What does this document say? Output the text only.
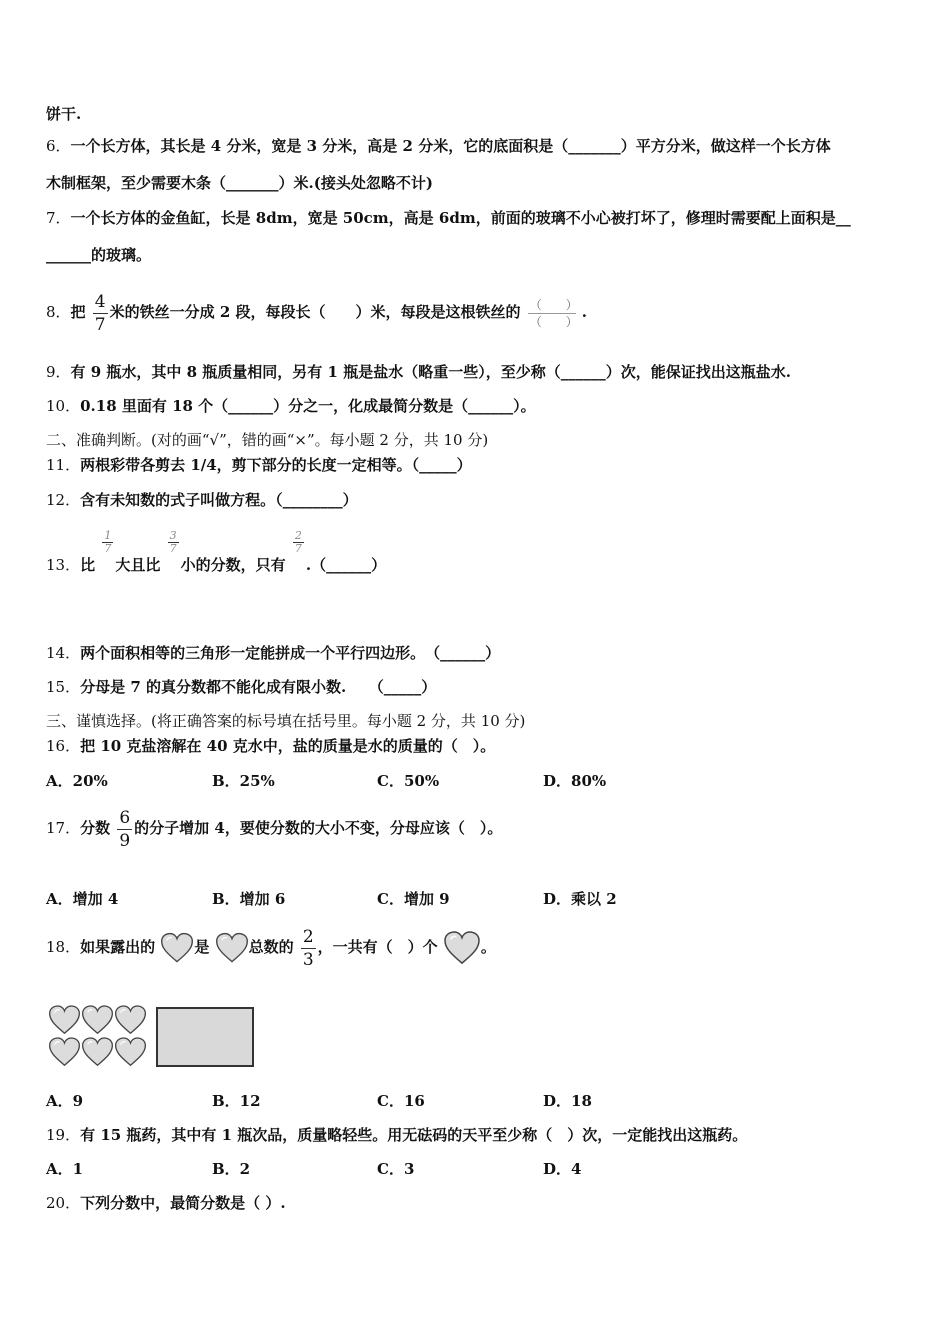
饼干.
6．一个长方体，其长是 4 分米，宽是 3 分米，高是 2 分米，它的底面积是（_______）平方分米，做这样一个长方体
木制框架，至少需要木条（_______）米.(接头处忽略不计)
7．一个长方体的金鱼缸，长是 8dm，宽是 50cm，高是 6dm，前面的玻璃不小心被打坏了，修理时需要配上面积是__
______的玻璃。
8．把 $\frac{4}{7}$ 米的铁丝一分成 2 段，每段长（　　）米，每段是这根铁丝的 $\frac{( )}{( )}$ .
9．有 9 瓶水，其中 8 瓶质量相同，另有 1 瓶是盐水（略重一些），至少称（______）次，能保证找出这瓶盐水.
10．0.18 里面有 18 个（______）分之一，化成最简分数是（______）。
二、准确判断。(对的画“√”，错的画“×”。每小题 2 分，共 10 分)
11．两根彩带各剪去 1/4，剪下部分的长度一定相等。（_____）
12．含有未知数的式子叫做方程。（________）
13．比
$\frac{1}{7}$
大且比
$\frac{3}{7}$
小的分数，只有
$\frac{2}{7}$
.（______）
14．两个面积相等的三角形一定能拼成一个平行四边形。　（______）
15．分母是 7 的真分数都不能化成有限小数.　　（_____）
三、谨慎选择。(将正确答案的标号填在括号里。每小题 2 分，共 10 分)
16．把 10 克盐溶解在 40 克水中，盐的质量是水的质量的（　）。
A．20%	B．25%	C．50%	D．80%
17．分数 $\frac{6}{9}$ 的分子增加 4，要使分数的大小不变，分母应该（　）。
A．增加 4	B．增加 6	C．增加 9	D．乘以 2
18．如果露出的	是	总数的 $\frac{2}{3}$ ，一共有（　）个	。
A．9	B．12	C．16	D．18
19．有 15 瓶药，其中有 1 瓶次品，质量略轻些。用无砝码的天平至少称（　）次，一定能找出这瓶药。
A．1	B．2	C．3	D．4
20．下列分数中，最简分数是（ ）.
